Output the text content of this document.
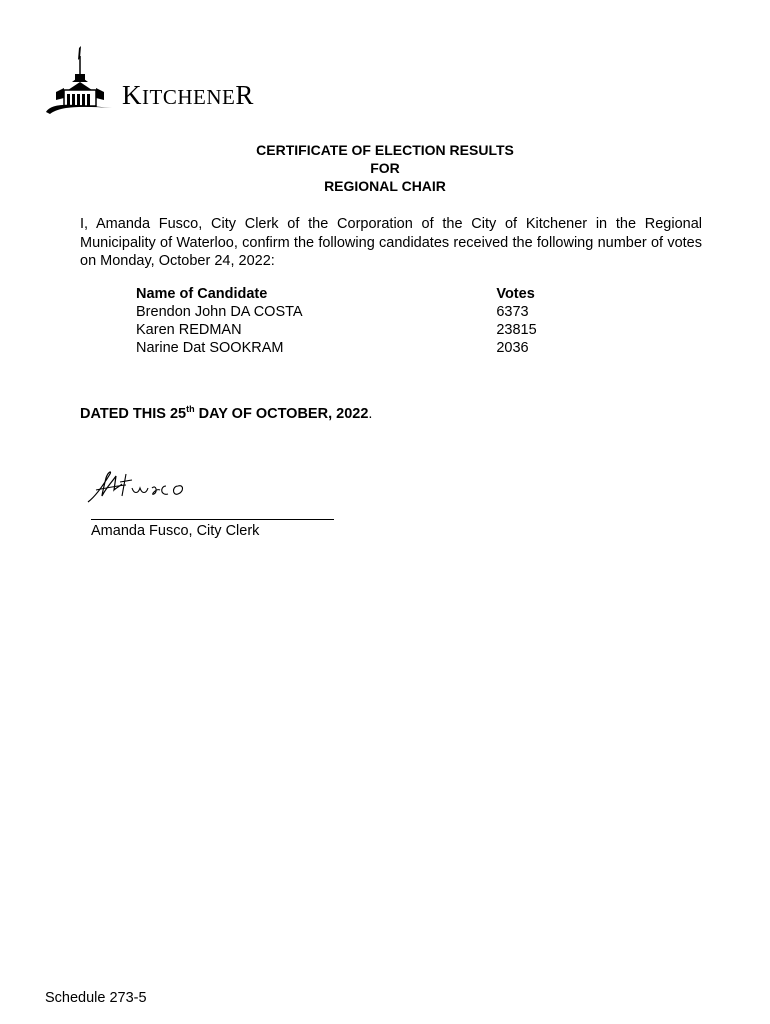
KITCHENER
CERTIFICATE OF ELECTION RESULTS
FOR
REGIONAL CHAIR
I, Amanda Fusco, City Clerk of the Corporation of the City of Kitchener in the Regional Municipality of Waterloo, confirm the following candidates received the following number of votes on Monday, October 24, 2022:
Name of Candidate	Votes
Brendon John DA COSTA	6373
Karen REDMAN	23815
Narine Dat SOOKRAM	2036
DATED THIS 25th DAY OF OCTOBER, 2022.
Amanda Fusco, City Clerk
Schedule 273-5
